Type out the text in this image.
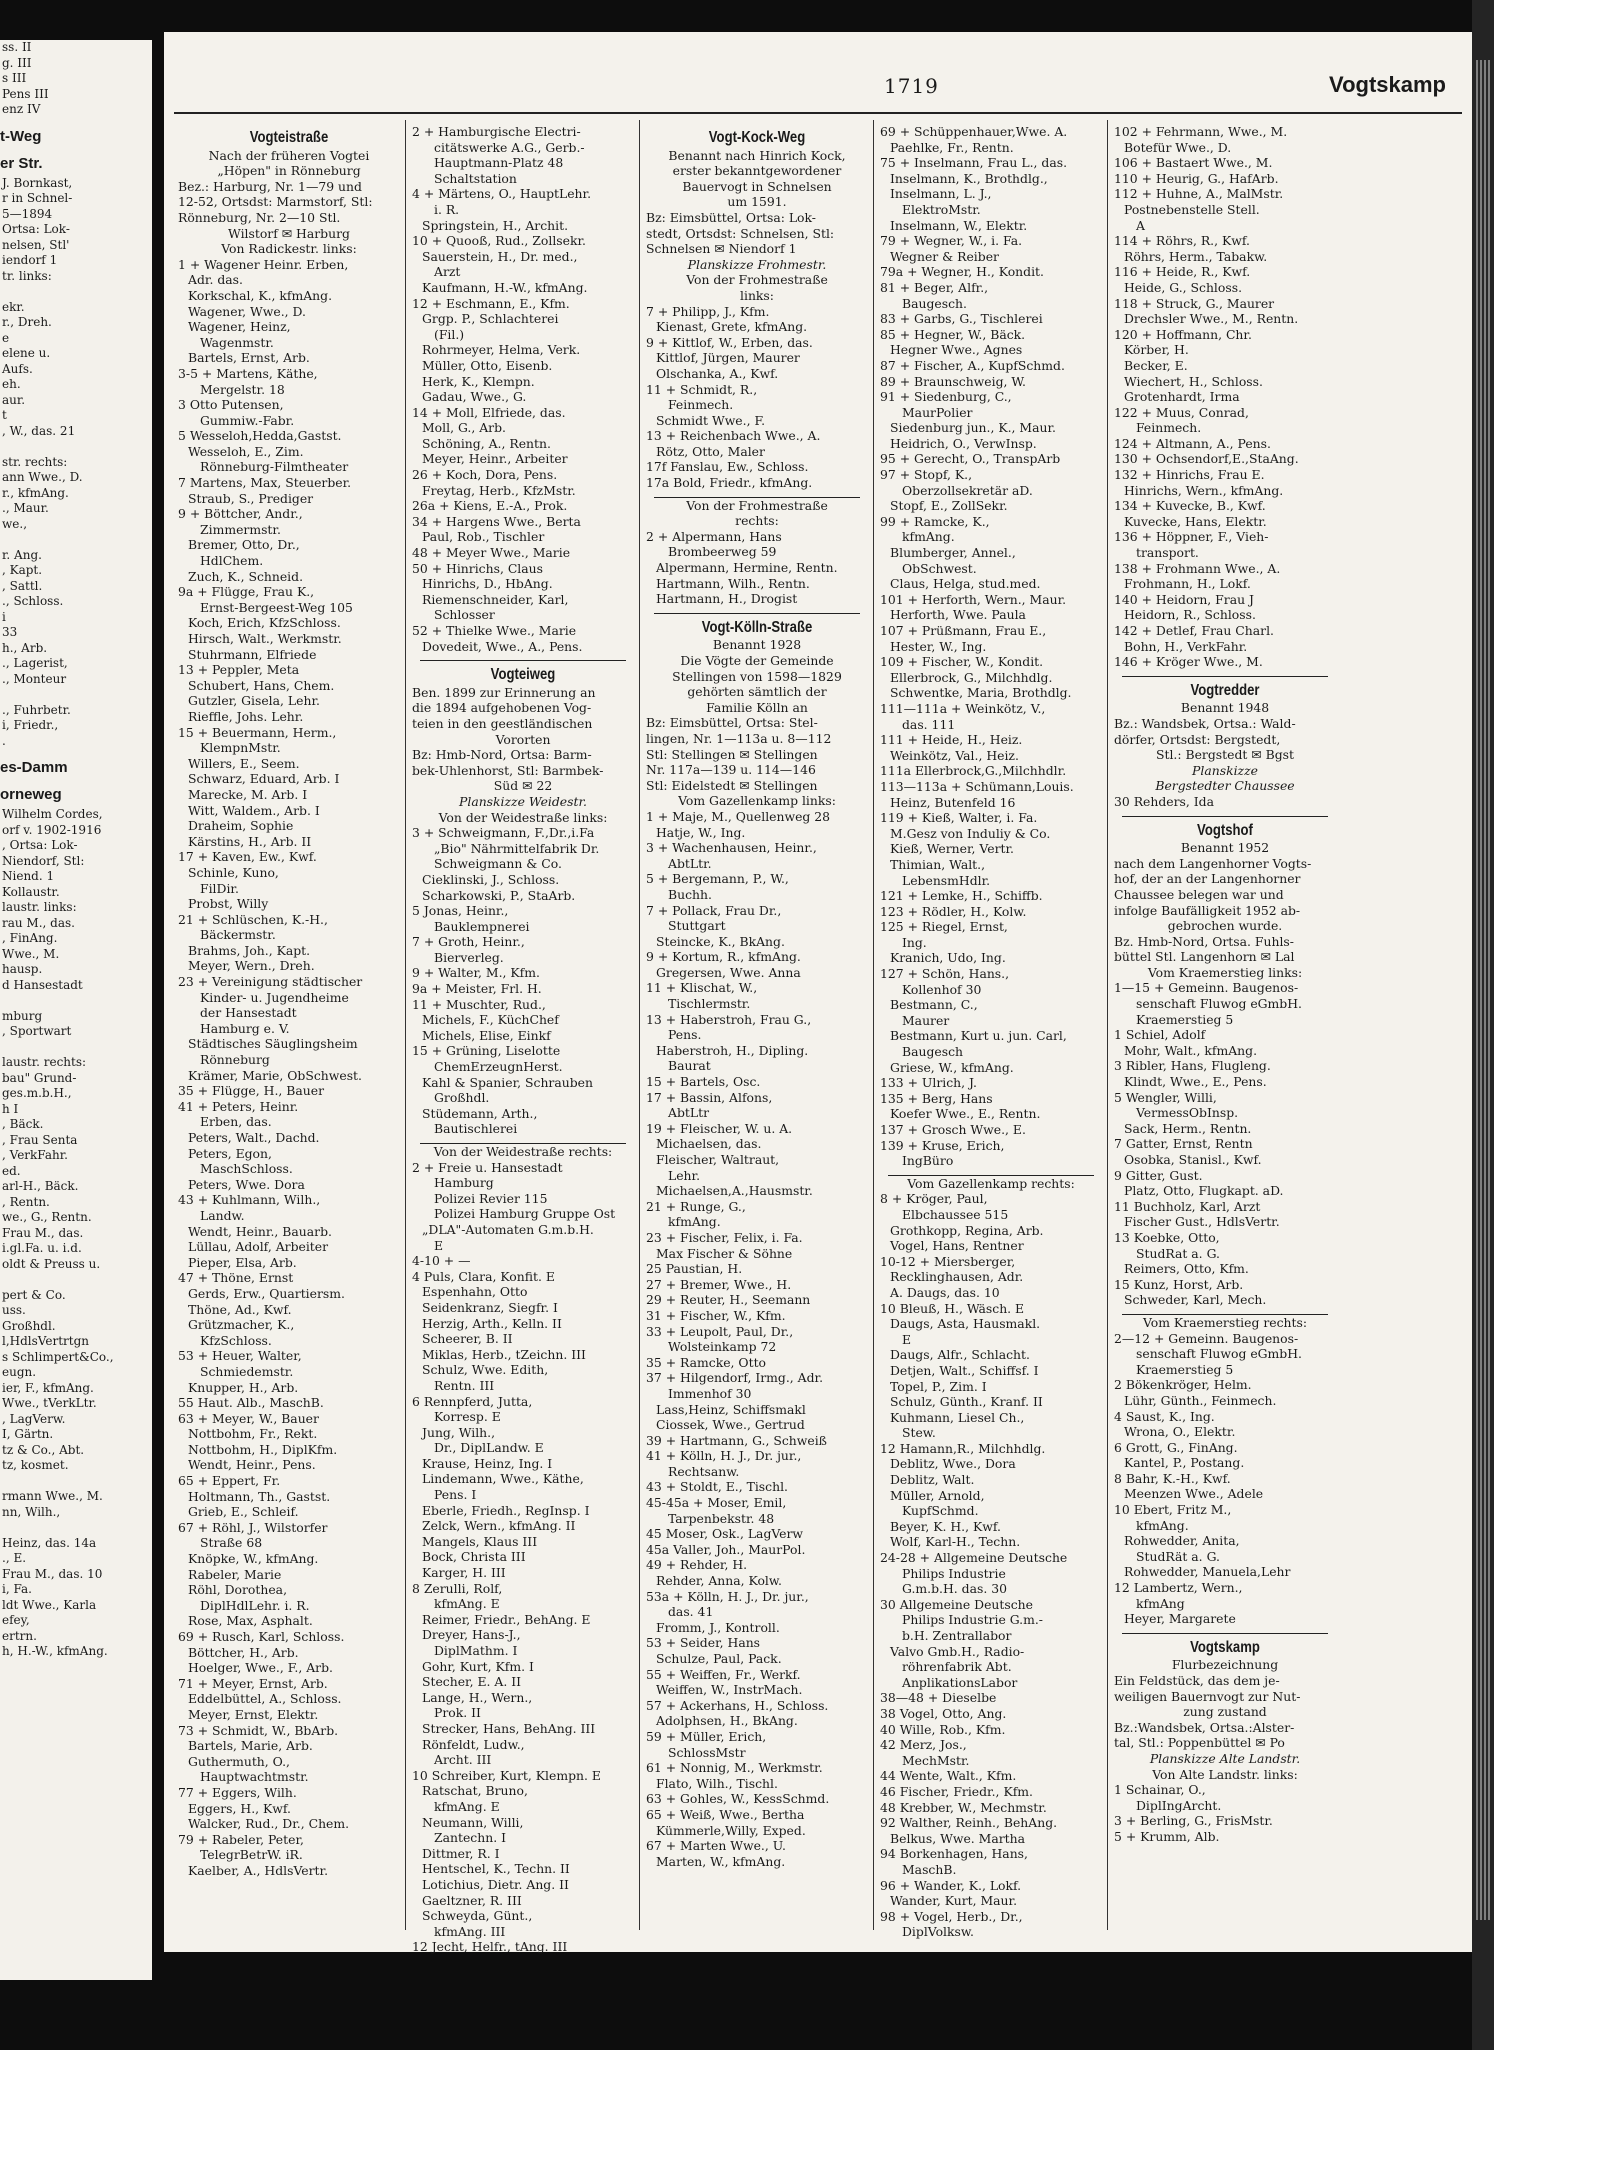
ss. II
g. III
s III
Pens III
enz IV
t-Weg
er Str.
J. Bornkast,
r in Schnel-
5—1894
Ortsa: Lok-
nelsen, Stl'
iendorf 1
tr. links:

ekr.
r., Dreh.
e
elene u.
Aufs.
eh.
aur.
t
, W., das. 21

str. rechts:
ann Wwe., D.
r., kfmAng.
., Maur.
we.,

r. Ang.
, Kapt.
, Sattl.
., Schloss.
i
33
h., Arb.
., Lagerist,
., Monteur

., Fuhrbetr.
i, Friedr.,
.
es-Damm
orneweg
Wilhelm Cordes,
orf v. 1902-1916
, Ortsa: Lok-
Niendorf, Stl:
Niend. 1
Kollaustr.
laustr. links:
rau M., das.
, FinAng.
Wwe., M.
hausp.
d Hansestadt

mburg
, Sportwart

laustr. rechts:
bau" Grund-
ges.m.b.H.,
h I
, Bäck.
, Frau Senta
, VerkFahr.
ed.
arl-H., Bäck.
, Rentn.
we., G., Rentn.
Frau M., das.
i.gl.Fa. u. i.d.
oldt & Preuss u.

pert & Co.
uss.
Großhdl.
l,HdlsVertrtgn
s Schlimpert&Co.,
eugn.
ier, F., kfmAng.
Wwe., tVerkLtr.
, LagVerw.
I, Gärtn.
tz & Co., Abt.
tz, kosmet.

rmann Wwe., M.
nn, Wilh.,

Heinz, das. 14a
., E.
Frau M., das. 10
i, Fa.
ldt Wwe., Karla
efey,
ertrn.
h, H.-W., kfmAng.
1719	Vogtskamp
Vogteistraße
Nach der früheren Vogtei
„Höpen" in Rönneburg
Bez.: Harburg, Nr. 1—79 und
12-52, Ortsdst: Marmstorf, Stl:
Rönneburg, Nr. 2—10 Stl.
Wilstorf ✉ Harburg
Von Radickestr. links:
1 + Wagener Heinr. Erben,
Adr. das.
Korkschal, K., kfmAng.
Wagener, Wwe., D.
Wagener, Heinz,
Wagenmstr.
Bartels, Ernst, Arb.
3-5 + Martens, Käthe,
Mergelstr. 18
3 Otto Putensen,
Gummiw.-Fabr.
5 Wesseloh,Hedda,Gastst.
Wesseloh, E., Zim.
Rönneburg-Filmtheater
7 Martens, Max, Steuerber.
Straub, S., Prediger
9 + Böttcher, Andr.,
Zimmermstr.
Bremer, Otto, Dr.,
HdlChem.
Zuch, K., Schneid.
9a + Flügge, Frau K.,
Ernst-Bergeest-Weg 105
Koch, Erich, KfzSchloss.
Hirsch, Walt., Werkmstr.
Stuhrmann, Elfriede
13 + Peppler, Meta
Schubert, Hans, Chem.
Gutzler, Gisela, Lehr.
Rieffle, Johs. Lehr.
15 + Beuermann, Herm.,
KlempnMstr.
Willers, E., Seem.
Schwarz, Eduard, Arb. I
Marecke, M. Arb. I
Witt, Waldem., Arb. I
Draheim, Sophie
Kärstins, H., Arb. II
17 + Kaven, Ew., Kwf.
Schinle, Kuno,
FilDir.
Probst, Willy
21 + Schlüschen, K.-H.,
Bäckermstr.
Brahms, Joh., Kapt.
Meyer, Wern., Dreh.
23 + Vereinigung städtischer
Kinder- u. Jugendheime
der Hansestadt
Hamburg e. V.
Städtisches Säuglingsheim
Rönneburg
Krämer, Marie, ObSchwest.
35 + Flügge, H., Bauer
41 + Peters, Heinr.
Erben, das.
Peters, Walt., Dachd.
Peters, Egon,
MaschSchloss.
Peters, Wwe. Dora
43 + Kuhlmann, Wilh.,
Landw.
Wendt, Heinr., Bauarb.
Lüllau, Adolf, Arbeiter
Pieper, Elsa, Arb.
47 + Thöne, Ernst
Gerds, Erw., Quartiersm.
Thöne, Ad., Kwf.
Grützmacher, K.,
KfzSchloss.
53 + Heuer, Walter,
Schmiedemstr.
Knupper, H., Arb.
55 Haut. Alb., MaschB.
63 + Meyer, W., Bauer
Nottbohm, Fr., Rekt.
Nottbohm, H., DiplKfm.
Wendt, Heinr., Pens.
65 + Eppert, Fr.
Holtmann, Th., Gastst.
Grieb, E., Schleif.
67 + Röhl, J., Wilstorfer
Straße 68
Knöpke, W., kfmAng.
Rabeler, Marie
Röhl, Dorothea,
DiplHdlLehr. i. R.
Rose, Max, Asphalt.
69 + Rusch, Karl, Schloss.
Böttcher, H., Arb.
Hoelger, Wwe., F., Arb.
71 + Meyer, Ernst, Arb.
Eddelbüttel, A., Schloss.
Meyer, Ernst, Elektr.
73 + Schmidt, W., BbArb.
Bartels, Marie, Arb.
Guthermuth, O.,
Hauptwachtmstr.
77 + Eggers, Wilh.
Eggers, H., Kwf.
Walcker, Rud., Dr., Chem.
79 + Rabeler, Peter,
TelegrBetrW. iR.
Kaelber, A., HdlsVertr.
2 + Hamburgische Electri-
citätswerke A.G., Gerb.-
Hauptmann-Platz 48
Schaltstation
4 + Märtens, O., HauptLehr.
i. R.
Springstein, H., Archit.
10 + Quooß, Rud., Zollsekr.
Sauerstein, H., Dr. med.,
Arzt
Kaufmann, H.-W., kfmAng.
12 + Eschmann, E., Kfm.
Grgp. P., Schlachterei
(Fil.)
Rohrmeyer, Helma, Verk.
Müller, Otto, Eisenb.
Herk, K., Klempn.
Gadau, Wwe., G.
14 + Moll, Elfriede, das.
Moll, G., Arb.
Schöning, A., Rentn.
Meyer, Heinr., Arbeiter
26 + Koch, Dora, Pens.
Freytag, Herb., KfzMstr.
26a + Kiens, E.-A., Prok.
34 + Hargens Wwe., Berta
Paul, Rob., Tischler
48 + Meyer Wwe., Marie
50 + Hinrichs, Claus
Hinrichs, D., HbAng.
Riemenschneider, Karl,
Schlosser
52 + Thielke Wwe., Marie
Dovedeit, Wwe., A., Pens.
Vogteiweg
Ben. 1899 zur Erinnerung an
die 1894 aufgehobenen Vog-
teien in den geestländischen
Vororten
Bz: Hmb-Nord, Ortsa: Barm-
bek-Uhlenhorst, Stl: Barmbek-
Süd ✉ 22
Planskizze Weidestr.
Von der Weidestraße links:
3 + Schweigmann, F.,Dr.,i.Fa
„Bio" Nährmittelfabrik Dr.
Schweigmann & Co.
Cieklinski, J., Schloss.
Scharkowski, P., StaArb.
5 Jonas, Heinr.,
Bauklempnerei
7 + Groth, Heinr.,
Bierverleg.
9 + Walter, M., Kfm.
9a + Meister, Frl. H.
11 + Muschter, Rud.,
Michels, F., KüchChef
Michels, Elise, Einkf
15 + Grüning, Liselotte
ChemErzeugnHerst.
Kahl & Spanier, Schrauben
Großhdl.
Stüdemann, Arth.,
Bautischlerei
Von der Weidestraße rechts:
2 + Freie u. Hansestadt
Hamburg
Polizei Revier 115
Polizei Hamburg Gruppe Ost
„DLA"-Automaten G.m.b.H.
E
4-10 + —
4 Puls, Clara, Konfit. E
Espenhahn, Otto
Seidenkranz, Siegfr. I
Herzig, Arth., Kelln. II
Scheerer, B. II
Miklas, Herb., tZeichn. III
Schulz, Wwe. Edith,
Rentn. III
6 Rennpferd, Jutta,
Korresp. E
Jung, Wilh.,
Dr., DiplLandw. E
Krause, Heinz, Ing. I
Lindemann, Wwe., Käthe,
Pens. I
Eberle, Friedh., RegInsp. I
Zelck, Wern., kfmAng. II
Mangels, Klaus III
Bock, Christa III
Karger, H. III
8 Zerulli, Rolf,
kfmAng. E
Reimer, Friedr., BehAng. E
Dreyer, Hans-J.,
DiplMathm. I
Gohr, Kurt, Kfm. I
Stecher, E. A. II
Lange, H., Wern.,
Prok. II
Strecker, Hans, BehAng. III
Rönfeldt, Ludw.,
Archt. III
10 Schreiber, Kurt, Klempn. E
Ratschat, Bruno,
kfmAng. E
Neumann, Willi,
Zantechn. I
Dittmer, R. I
Hentschel, K., Techn. II
Lotichius, Dietr. Ang. II
Gaeltzner, R. III
Schweyda, Günt.,
kfmAng. III
12 Jecht, Helfr., tAng. III
Vogt-Kock-Weg
Benannt nach Hinrich Kock,
erster bekanntgewordener
Bauervogt in Schnelsen
um 1591.
Bz: Eimsbüttel, Ortsa: Lok-
stedt, Ortsdst: Schnelsen, Stl:
Schnelsen ✉ Niendorf 1
Planskizze Frohmestr.
Von der Frohmestraße
links:
7 + Philipp, J., Kfm.
Kienast, Grete, kfmAng.
9 + Kittlof, W., Erben, das.
Kittlof, Jürgen, Maurer
Olschanka, A., Kwf.
11 + Schmidt, R.,
Feinmech.
Schmidt Wwe., F.
13 + Reichenbach Wwe., A.
Rötz, Otto, Maler
17f Fanslau, Ew., Schloss.
17a Bold, Friedr., kfmAng.
Von der Frohmestraße
rechts:
2 + Alpermann, Hans
Brombeerweg 59
Alpermann, Hermine, Rentn.
Hartmann, Wilh., Rentn.
Hartmann, H., Drogist
Vogt-Kölln-Straße
Benannt 1928
Die Vögte der Gemeinde
Stellingen von 1598—1829
gehörten sämtlich der
Familie Kölln an
Bz: Eimsbüttel, Ortsa: Stel-
lingen, Nr. 1—113a u. 8—112
Stl: Stellingen ✉ Stellingen
Nr. 117a—139 u. 114—146
Stl: Eidelstedt ✉ Stellingen
Vom Gazellenkamp links:
1 + Maje, M., Quellenweg 28
Hatje, W., Ing.
3 + Wachenhausen, Heinr.,
AbtLtr.
5 + Bergemann, P., W.,
Buchh.
7 + Pollack, Frau Dr.,
Stuttgart
Steincke, K., BkAng.
9 + Kortum, R., kfmAng.
Gregersen, Wwe. Anna
11 + Klischat, W.,
Tischlermstr.
13 + Haberstroh, Frau G.,
Pens.
Haberstroh, H., Dipling.
Baurat
15 + Bartels, Osc.
17 + Bassin, Alfons,
AbtLtr
19 + Fleischer, W. u. A.
Michaelsen, das.
Fleischer, Waltraut,
Lehr.
Michaelsen,A.,Hausmstr.
21 + Runge, G.,
kfmAng.
23 + Fischer, Felix, i. Fa.
Max Fischer & Söhne
25 Paustian, H.
27 + Bremer, Wwe., H.
29 + Reuter, H., Seemann
31 + Fischer, W., Kfm.
33 + Leupolt, Paul, Dr.,
Wolsteinkamp 72
35 + Ramcke, Otto
37 + Hilgendorf, Irmg., Adr.
Immenhof 30
Lass,Heinz, Schiffsmakl
Ciossek, Wwe., Gertrud
39 + Hartmann, G., Schweiß
41 + Kölln, H. J., Dr. jur.,
Rechtsanw.
43 + Stoldt, E., Tischl.
45-45a + Moser, Emil,
Tarpenbekstr. 48
45 Moser, Osk., LagVerw
45a Valler, Joh., MaurPol.
49 + Rehder, H.
Rehder, Anna, Kolw.
53a + Kölln, H. J., Dr. jur.,
das. 41
Fromm, J., Kontroll.
53 + Seider, Hans
Schulze, Paul, Pack.
55 + Weiffen, Fr., Werkf.
Weiffen, W., InstrMach.
57 + Ackerhans, H., Schloss.
Adolphsen, H., BkAng.
59 + Müller, Erich,
SchlossMstr
61 + Nonnig, M., Werkmstr.
Flato, Wilh., Tischl.
63 + Gohles, W., KessSchmd.
65 + Weiß, Wwe., Bertha
Kümmerle,Willy, Exped.
67 + Marten Wwe., U.
Marten, W., kfmAng.
69 + Schüppenhauer,Wwe. A.
Paehlke, Fr., Rentn.
75 + Inselmann, Frau L., das.
Inselmann, K., Brothdlg.,
Inselmann, L. J.,
ElektroMstr.
Inselmann, W., Elektr.
79 + Wegner, W., i. Fa.
Wegner & Reiber
79a + Wegner, H., Kondit.
81 + Beger, Alfr.,
Baugesch.
83 + Garbs, G., Tischlerei
85 + Hegner, W., Bäck.
Hegner Wwe., Agnes
87 + Fischer, A., KupfSchmd.
89 + Braunschweig, W.
91 + Siedenburg, C.,
MaurPolier
Siedenburg jun., K., Maur.
Heidrich, O., VerwInsp.
95 + Gerecht, O., TranspArb
97 + Stopf, K.,
Oberzollsekretär aD.
Stopf, E., ZollSekr.
99 + Ramcke, K.,
kfmAng.
Blumberger, Annel.,
ObSchwest.
Claus, Helga, stud.med.
101 + Herforth, Wern., Maur.
Herforth, Wwe. Paula
107 + Prüßmann, Frau E.,
Hester, W., Ing.
109 + Fischer, W., Kondit.
Ellerbrock, G., Milchhdlg.
Schwentke, Maria, Brothdlg.
111—111a + Weinkötz, V.,
das. 111
111 + Heide, H., Heiz.
Weinkötz, Val., Heiz.
111a Ellerbrock,G.,Milchhdlr.
113—113a + Schümann,Louis.
Heinz, Butenfeld 16
119 + Kieß, Walter, i. Fa.
M.Gesz von Induliy & Co.
Kieß, Werner, Vertr.
Thimian, Walt.,
LebensmHdlr.
121 + Lemke, H., Schiffb.
123 + Rödler, H., Kolw.
125 + Riegel, Ernst,
Ing.
Kranich, Udo, Ing.
127 + Schön, Hans.,
Kollenhof 30
Bestmann, C.,
Maurer
Bestmann, Kurt u. jun. Carl,
Baugesch
Griese, W., kfmAng.
133 + Ulrich, J.
135 + Berg, Hans
Koefer Wwe., E., Rentn.
137 + Grosch Wwe., E.
139 + Kruse, Erich,
IngBüro
Vom Gazellenkamp rechts:
8 + Kröger, Paul,
Elbchaussee 515
Grothkopp, Regina, Arb.
Vogel, Hans, Rentner
10-12 + Miersberger,
Recklinghausen, Adr.
A. Daugs, das. 10
10 Bleuß, H., Wäsch. E
Daugs, Asta, Hausmakl.
E
Daugs, Alfr., Schlacht.
Detjen, Walt., Schiffsf. I
Topel, P., Zim. I
Schulz, Günth., Kranf. II
Kuhmann, Liesel Ch.,
Stew.
12 Hamann,R., Milchhdlg.
Deblitz, Wwe., Dora
Deblitz, Walt.
Müller, Arnold,
KupfSchmd.
Beyer, K. H., Kwf.
Wolf, Karl-H., Techn.
24-28 + Allgemeine Deutsche
Philips Industrie
G.m.b.H. das. 30
30 Allgemeine Deutsche
Philips Industrie G.m.-
b.H. Zentrallabor
Valvo Gmb.H., Radio-
röhrenfabrik Abt.
AnplikationsLabor
38—48 + Dieselbe
38 Vogel, Otto, Ang.
40 Wille, Rob., Kfm.
42 Merz, Jos.,
MechMstr.
44 Wente, Walt., Kfm.
46 Fischer, Friedr., Kfm.
48 Krebber, W., Mechmstr.
92 Walther, Reinh., BehAng.
Belkus, Wwe. Martha
94 Borkenhagen, Hans,
MaschB.
96 + Wander, K., Lokf.
Wander, Kurt, Maur.
98 + Vogel, Herb., Dr.,
DiplVolksw.
102 + Fehrmann, Wwe., M.
Botefür Wwe., D.
106 + Bastaert Wwe., M.
110 + Heurig, G., HafArb.
112 + Huhne, A., MalMstr.
Postnebenstelle Stell.
A
114 + Röhrs, R., Kwf.
Röhrs, Herm., Tabakw.
116 + Heide, R., Kwf.
Heide, G., Schloss.
118 + Struck, G., Maurer
Drechsler Wwe., M., Rentn.
120 + Hoffmann, Chr.
Körber, H.
Becker, E.
Wiechert, H., Schloss.
Grotenhardt, Irma
122 + Muus, Conrad,
Feinmech.
124 + Altmann, A., Pens.
130 + Ochsendorf,E.,StaAng.
132 + Hinrichs, Frau E.
Hinrichs, Wern., kfmAng.
134 + Kuvecke, B., Kwf.
Kuvecke, Hans, Elektr.
136 + Höppner, F., Vieh-
transport.
138 + Frohmann Wwe., A.
Frohmann, H., Lokf.
140 + Heidorn, Frau J
Heidorn, R., Schloss.
142 + Detlef, Frau Charl.
Bohn, H., VerkFahr.
146 + Kröger Wwe., M.
Vogtredder
Benannt 1948
Bz.: Wandsbek, Ortsa.: Wald-
dörfer, Ortsdst: Bergstedt,
Stl.: Bergstedt ✉ Bgst
Planskizze
Bergstedter Chaussee
30 Rehders, Ida
Vogtshof
Benannt 1952
nach dem Langenhorner Vogts-
hof, der an der Langenhorner
Chaussee belegen war und
infolge Baufälligkeit 1952 ab-
gebrochen wurde.
Bz. Hmb-Nord, Ortsa. Fuhls-
büttel Stl. Langenhorn ✉ Lal
Vom Kraemerstieg links:
1—15 + Gemeinn. Baugenos-
senschaft Fluwog eGmbH.
Kraemerstieg 5
1 Schiel, Adolf
Mohr, Walt., kfmAng.
3 Ribler, Hans, Flugleng.
Klindt, Wwe., E., Pens.
5 Wengler, Willi,
VermessObInsp.
Sack, Herm., Rentn.
7 Gatter, Ernst, Rentn
Osobka, Stanisl., Kwf.
9 Gitter, Gust.
Platz, Otto, Flugkapt. aD.
11 Buchholz, Karl, Arzt
Fischer Gust., HdlsVertr.
13 Koebke, Otto,
StudRat a. G.
Reimers, Otto, Kfm.
15 Kunz, Horst, Arb.
Schweder, Karl, Mech.
Vom Kraemerstieg rechts:
2—12 + Gemeinn. Baugenos-
senschaft Fluwog eGmbH.
Kraemerstieg 5
2 Bökenkröger, Helm.
Lühr, Günth., Feinmech.
4 Saust, K., Ing.
Wrona, O., Elektr.
6 Grott, G., FinAng.
Kantel, P., Postang.
8 Bahr, K.-H., Kwf.
Meenzen Wwe., Adele
10 Ebert, Fritz M.,
kfmAng.
Rohwedder, Anita,
StudRät a. G.
Rohwedder, Manuela,Lehr
12 Lambertz, Wern.,
kfmAng
Heyer, Margarete
Vogtskamp
Flurbezeichnung
Ein Feldstück, das dem je-
weiligen Bauernvogt zur Nut-
zung zustand
Bz.:Wandsbek, Ortsa.:Alster-
tal, Stl.: Poppenbüttel ✉ Po
Planskizze Alte Landstr.
Von Alte Landstr. links:
1 Schainar, O.,
DiplIngArcht.
3 + Berling, G., FrisMstr.
5 + Krumm, Alb.
